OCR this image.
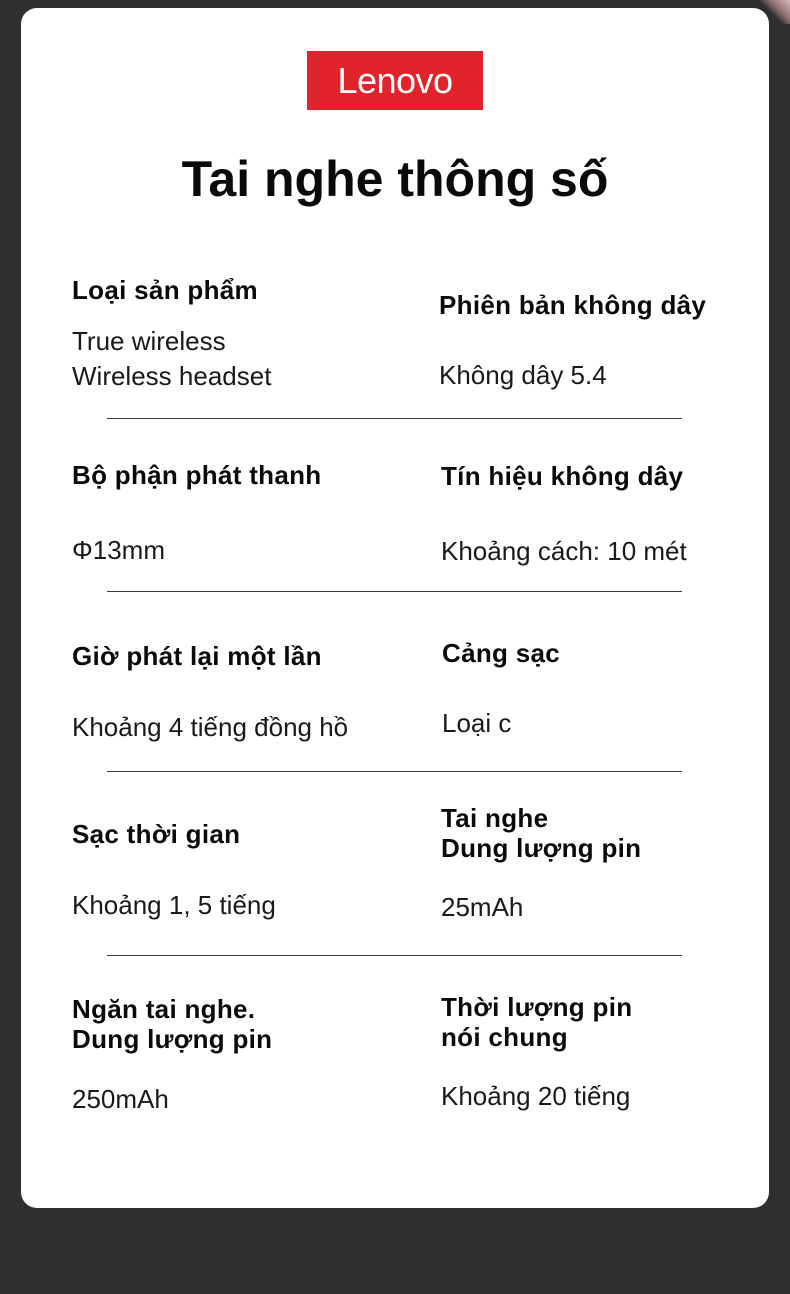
Lenovo
Tai nghe thông số
Loại sản phẩm
True wireless
Wireless headset
Phiên bản không dây
Không dây 5.4
Bộ phận phát thanh
Φ13mm
Tín hiệu không dây
Khoảng cách: 10 mét
Giờ phát lại một lần
Khoảng 4 tiếng đồng hồ
Cảng sạc
Loại c
Sạc thời gian
Khoảng 1, 5 tiếng
Tai nghe
Dung lượng pin
25mAh
Ngăn tai nghe.
Dung lượng pin
250mAh
Thời lượng pin
nói chung
Khoảng 20 tiếng
